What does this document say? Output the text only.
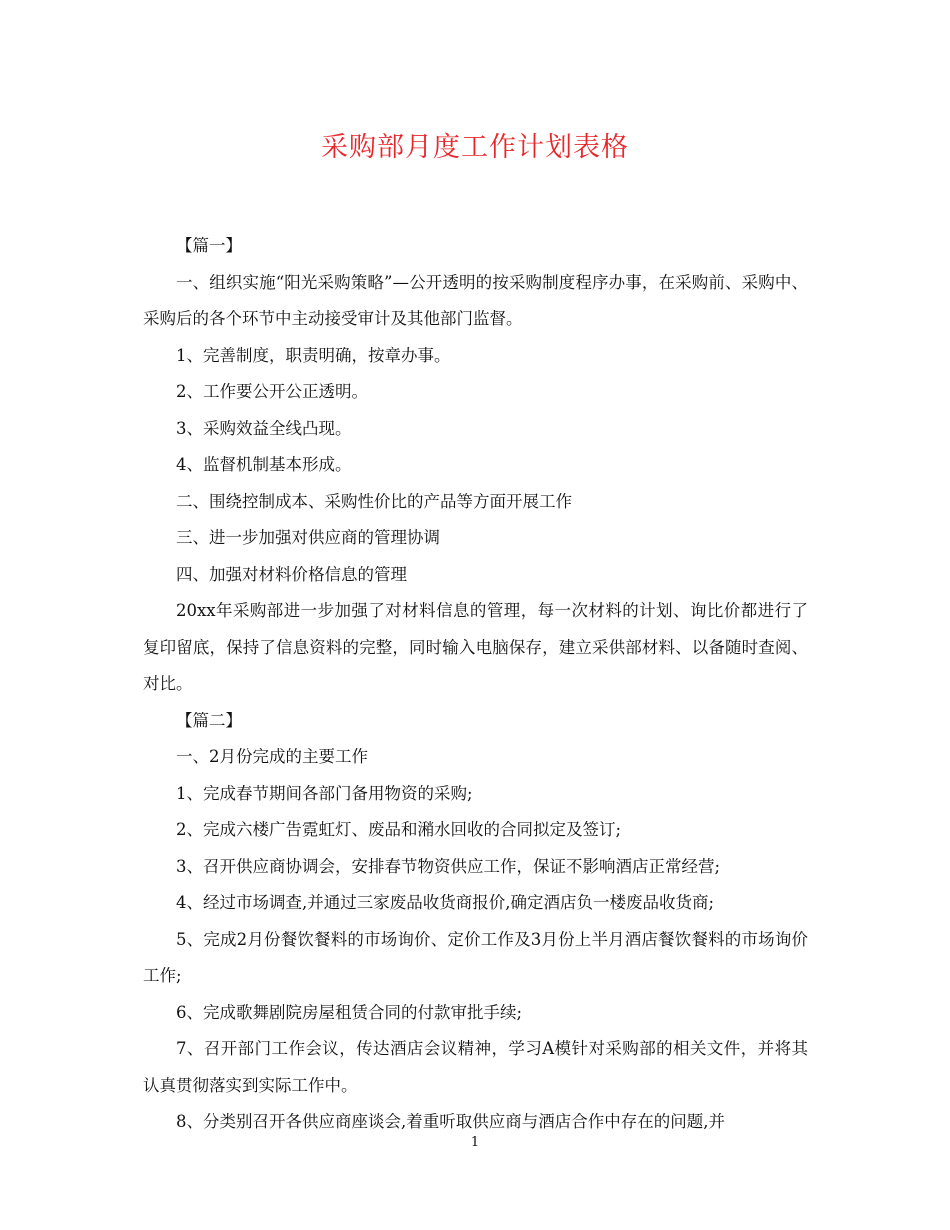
采购部月度工作计划表格

【篇一】

一、组织实施“阳光采购策略”—公开透明的按采购制度程序办事，在采购前、采购中、采购后的各个环节中主动接受审计及其他部门监督。

1、完善制度，职责明确，按章办事。

2、工作要公开公正透明。

3、采购效益全线凸现。

4、监督机制基本形成。

二、围绕控制成本、采购性价比的产品等方面开展工作

三、进一步加强对供应商的管理协调

四、加强对材料价格信息的管理

20xx年采购部进一步加强了对材料信息的管理，每一次材料的计划、询比价都进行了复印留底，保持了信息资料的完整，同时输入电脑保存，建立采供部材料、以备随时查阅、对比。

【篇二】

一、2月份完成的主要工作

1、完成春节期间各部门备用物资的采购;

2、完成六楼广告霓虹灯、废品和潲水回收的合同拟定及签订;

3、召开供应商协调会，安排春节物资供应工作，保证不影响酒店正常经营;

4、经过市场调查,并通过三家废品收货商报价,确定酒店负一楼废品收货商;

5、完成2月份餐饮餐料的市场询价、定价工作及3月份上半月酒店餐饮餐料的市场询价工作;

6、完成歌舞剧院房屋租赁合同的付款审批手续;

7、召开部门工作会议，传达酒店会议精神，学习A模针对采购部的相关文件，并将其认真贯彻落实到实际工作中。

8、分类别召开各供应商座谈会,着重听取供应商与酒店合作中存在的问题,并

1
